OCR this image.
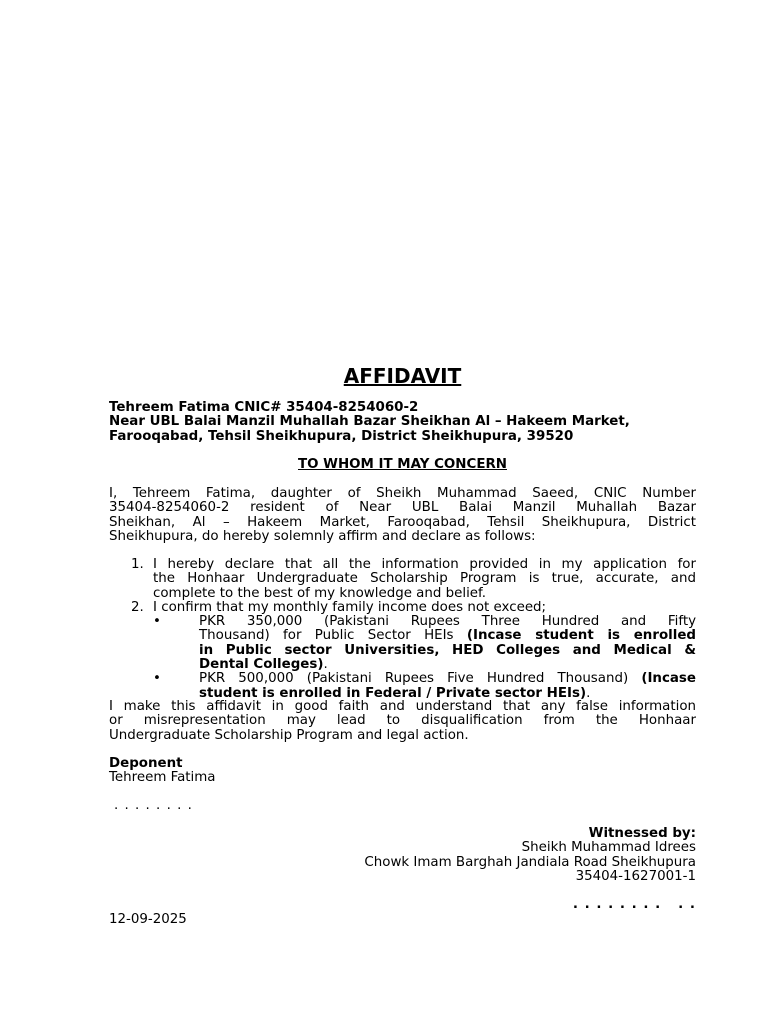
AFFIDAVIT
Tehreem Fatima CNIC# 35404-8254060-2
Near UBL Balai Manzil Muhallah Bazar Sheikhan Al – Hakeem Market,
Farooqabad, Tehsil Sheikhupura, District Sheikhupura, 39520
TO WHOM IT MAY CONCERN
I, Tehreem Fatima, daughter of Sheikh Muhammad Saeed, CNIC Number
35404-8254060-2 resident of Near UBL Balai Manzil Muhallah Bazar
Sheikhan, Al – Hakeem Market, Farooqabad, Tehsil Sheikhupura, District
Sheikhupura, do hereby solemnly affirm and declare as follows:
1. I hereby declare that all the information provided in my application for
the Honhaar Undergraduate Scholarship Program is true, accurate, and
complete to the best of my knowledge and belief.
2. I confirm that my monthly family income does not exceed;
•	PKR 350,000 (Pakistani Rupees Three Hundred and Fifty
Thousand) for Public Sector HEIs (Incase student is enrolled
in Public sector Universities, HED Colleges and Medical &
Dental Colleges).
•	PKR 500,000 (Pakistani Rupees Five Hundred Thousand) (Incase
student is enrolled in Federal / Private sector HEIs).
I make this affidavit in good faith and understand that any false information
or misrepresentation may lead to disqualification from the Honhaar
Undergraduate Scholarship Program and legal action.
Deponent
Tehreem Fatima
. . . . . . . .
Witnessed by:
Sheikh Muhammad Idrees
Chowk Imam Barghah Jandiala Road Sheikhupura
35404-1627001-1
. . . . . . . .   . .
12-09-2025
